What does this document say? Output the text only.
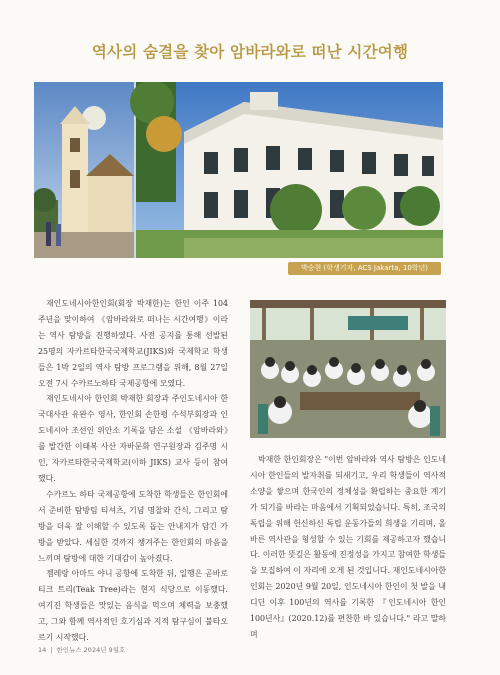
역사의 숨결을 찾아 암바라와로 떠난 시간여행
박승현 (학생기자, ACS Jakarta, 10학년)

재인도네시아한인회(회장 박재한)는 한인 이주 104주년을 맞이하여 《암바라와로 떠나는 시간여행》이라는 역사 탐방을 진행하였다. 사전 공지를 통해 선발된 25명의 자카르타한국국제학교(JIKS)와 국제학교 학생들은 1박 2일의 역사 탐방 프로그램을 위해, 8월 27일 오전 7시 수카르노하타 국제공항에 모였다.

재인도네시아 한인회 박재한 회장과 주인도네시아 한국대사관 유완수 영사, 한인회 손한평 수석부회장과 인도네시아 조선인 위안소 기록을 담은 소설 《암바라와》를 발간한 이태복 사산 자바문화 연구원장과 김주명 시인, 자카르타한국국제학교(이하 JIKS) 교사 등이 참여했다.

수카르노 하타 국제공항에 도착한 학생들은 한인회에서 준비한 탐방팀 티셔츠, 기념 명찰와 간식, 그리고 탐방을 더욱 잘 이해할 수 있도록 돕는 안내지가 담긴 가방을 받았다. 세심한 것까지 챙겨주는 한인회의 마음을 느끼며 탐방에 대한 기대감이 높아졌다.

젬레랑 아마드 야니 공항에 도착한 뒤, 일행은 곧바로 티크 트리(Teak Tree)라는 현지 식당으로 이동했다. 여기진 학생들은 맛있는 음식을 먹으며 체력을 보충했고, 그와 함께 역사적인 호기심과 지적 탐구심이 불타오르기 시작했다.

박재한 한인회장은 "이번 암바라와 역사 탐방은 인도네시아 한인들의 발자취를 되새기고, 우리 학생들이 역사적 소양을 쌓으며 한국인의 정체성을 확립하는 중요한 계기가 되기를 바라는 마음에서 기획되었습니다. 특히, 조국의 독립을 위해 헌신하신 독립 운동가들의 희생을 기리며, 올바른 역사관을 형성할 수 있는 기회를 제공하고자 했습니다. 이러한 뜻깊은 활동에 진정성을 가지고 참여한 학생들을 모집하여 이 자리에 오게 된 것입니다. 재인도네시아한인회는 2020년 9월 20일, 인도네시아 한인이 첫 발을 내디딘 이후 100년의 역사를 기록한 『인도네시아 한인 100년사』(2020.12)를 편찬한 바 있습니다." 라고 말하며

14 | 한인뉴스 2024년 9월호
